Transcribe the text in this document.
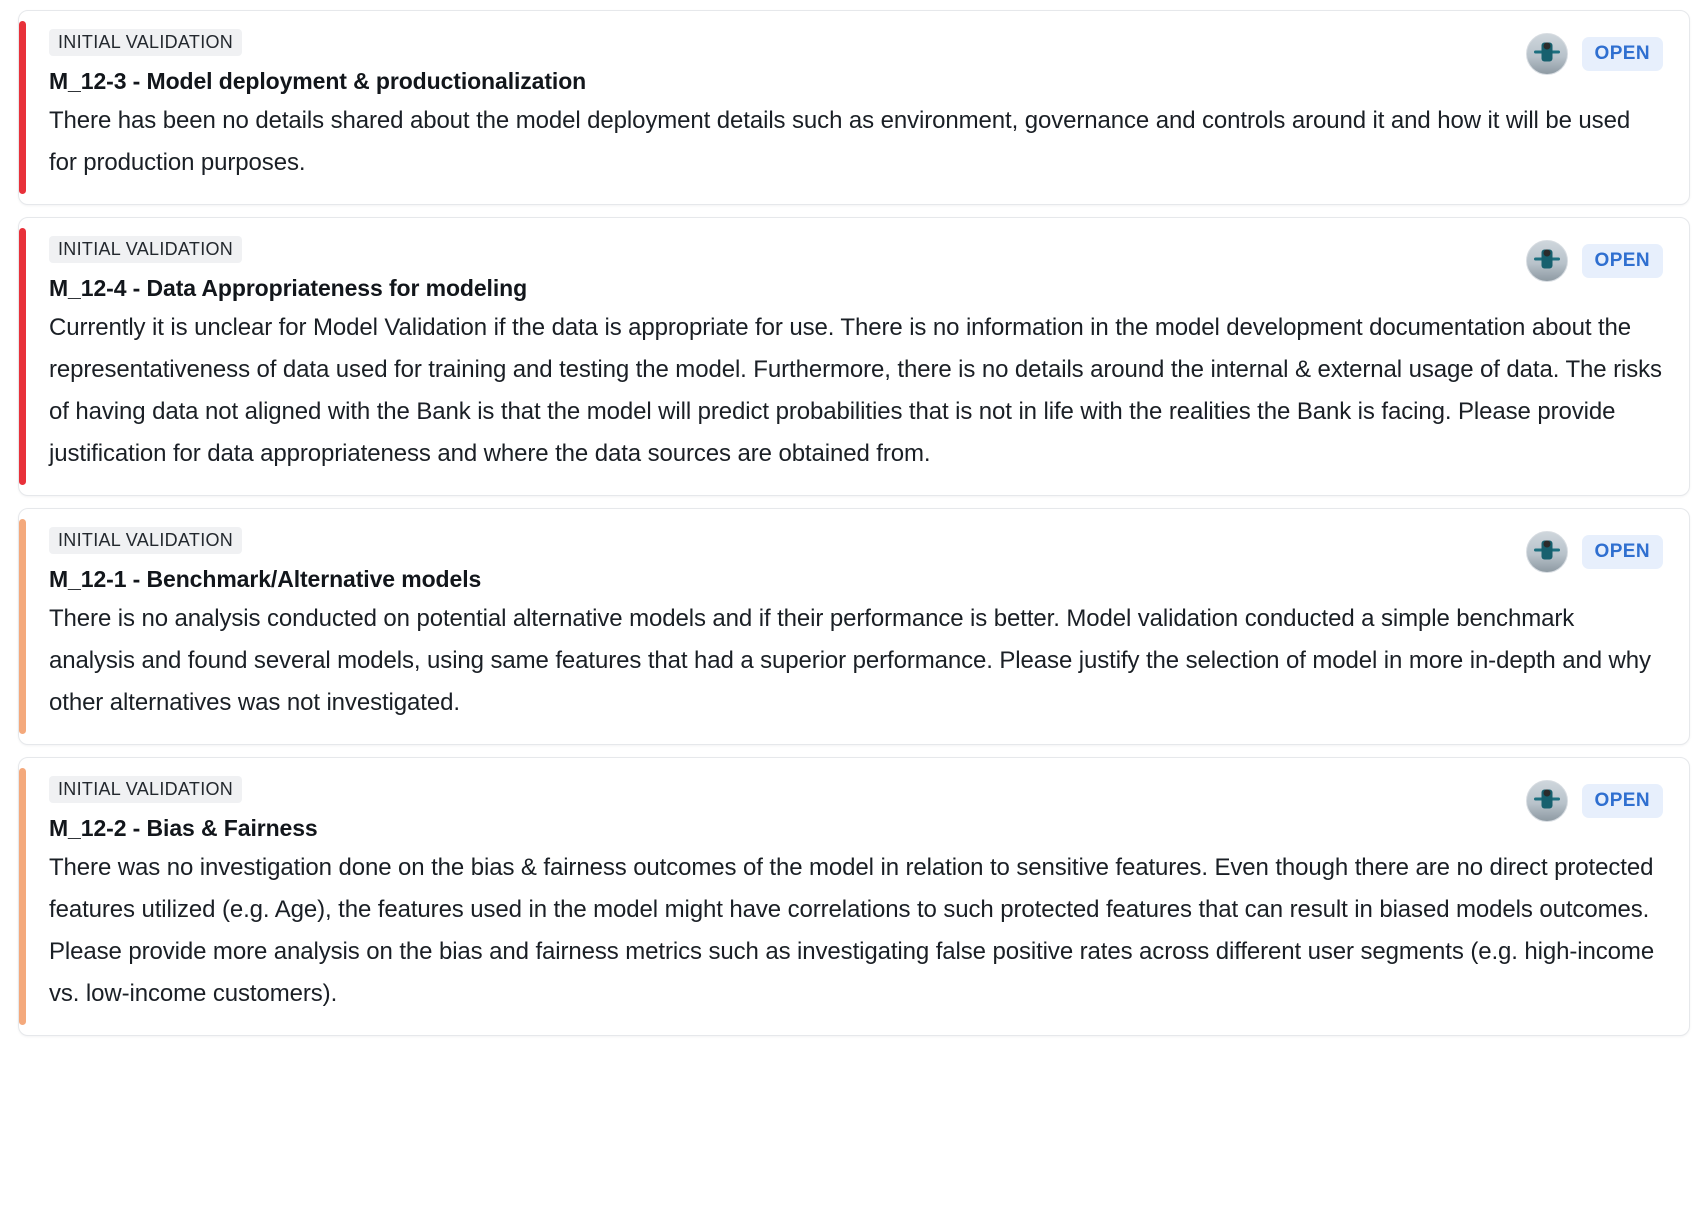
INITIAL VALIDATION
M_12-3 - Model deployment & productionalization
OPEN
There has been no details shared about the model deployment details such as environment, governance and controls around it and how it will be used for production purposes.
INITIAL VALIDATION
M_12-4 - Data Appropriateness for modeling
OPEN
Currently it is unclear for Model Validation if the data is appropriate for use. There is no information in the model development documentation about the representativeness of data used for training and testing the model. Furthermore, there is no details around the internal & external usage of data. The risks of having data not aligned with the Bank is that the model will predict probabilities that is not in life with the realities the Bank is facing. Please provide justification for data appropriateness and where the data sources are obtained from.
INITIAL VALIDATION
M_12-1 - Benchmark/Alternative models
OPEN
There is no analysis conducted on potential alternative models and if their performance is better. Model validation conducted a simple benchmark analysis and found several models, using same features that had a superior performance. Please justify the selection of model in more in-depth and why other alternatives was not investigated.
INITIAL VALIDATION
M_12-2 - Bias & Fairness
OPEN
There was no investigation done on the bias & fairness outcomes of the model in relation to sensitive features. Even though there are no direct protected features utilized (e.g. Age), the features used in the model might have correlations to such protected features that can result in biased models outcomes. Please provide more analysis on the bias and fairness metrics such as investigating false positive rates across different user segments (e.g. high-income vs. low-income customers).
